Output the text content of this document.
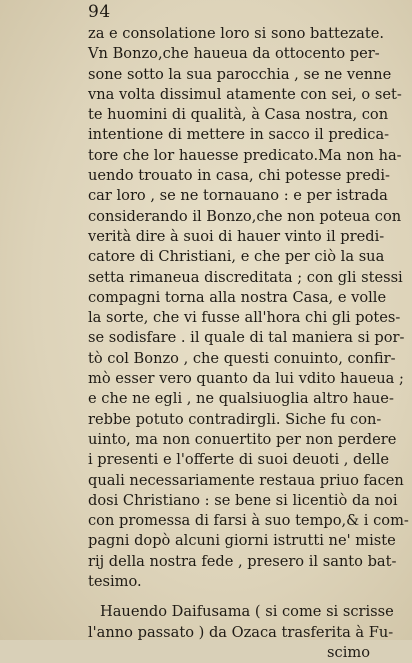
94
za e consolatione loro si sono battezate.
Vn Bonzo,che haueua da ottocento per-
sone sotto la sua parocchia , se ne venne
vna volta dissimul atamente con sei, o set-
te huomini di qualità, à Casa nostra, con
intentione di mettere in sacco il predica-
tore che lor hauesse predicato.Ma non ha-
uendo trouato in casa, chi potesse predi-
car loro , se ne tornauano : e per istrada
considerando il Bonzo,che non poteua con
verità dire à suoi di hauer vinto il predi-
catore di Christiani, e che per ciò la sua
setta rimaneua discreditata ; con gli stessi
compagni torna alla nostra Casa, e volle
la sorte, che vi fusse all'hora chi gli potes-
se sodisfare . il quale di tal maniera si por-
tò col Bonzo , che questi conuinto, confir-
mò esser vero quanto da lui vdito haueua ;
e che ne egli , ne qualsiuoglia altro haue-
rebbe potuto contradirgli. Siche fu con-
uinto, ma non conuertito per non perdere
i presenti e l'offerte di suoi deuoti , delle
quali necessariamente restaua priuo facen
dosi Christiano : se bene si licentiò da noi
con promessa di farsi à suo tempo,& i com-
pagni dopò alcuni giorni istrutti ne' miste
rij della nostra fede , presero il santo bat-
tesimo.
Hauendo Daifusama ( si come si scrisse
l'anno passato ) da Ozaca trasferita à Fu-
scimo
